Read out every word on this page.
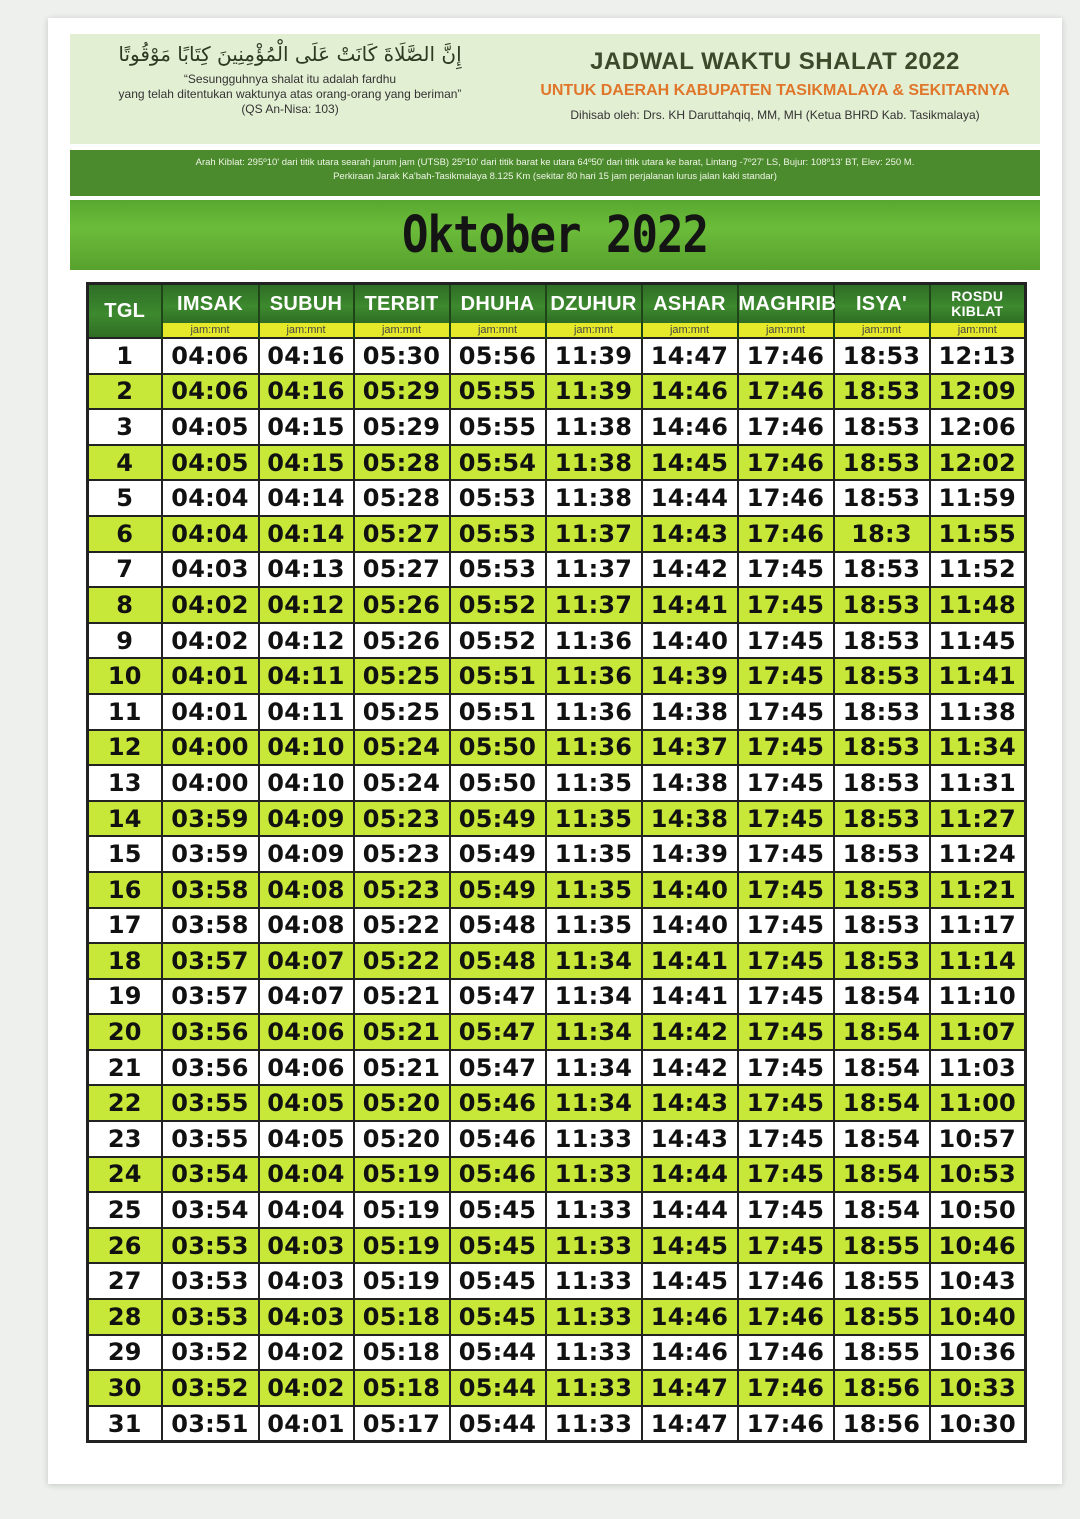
إِنَّ الصَّلَاةَ كَانَتْ عَلَى الْمُؤْمِنِينَ كِتَابًا مَوْقُوتًا
“Sesungguhnya shalat itu adalah fardhu
yang telah ditentukan waktunya atas orang-orang yang beriman”
(QS An-Nisa: 103)
JADWAL WAKTU SHALAT 2022
UNTUK DAERAH KABUPATEN TASIKMALAYA & SEKITARNYA
Dihisab oleh: Drs. KH Daruttahqiq, MM, MH (Ketua BHRD Kab. Tasikmalaya)
Arah Kiblat: 295º10' dari titik utara searah jarum jam (UTSB) 25º10' dari titik barat ke utara 64º50' dari titik utara ke barat, Lintang -7º27' LS, Bujur: 108º13' BT, Elev: 250 M.
Perkiraan Jarak Ka'bah-Tasikmalaya 8.125 Km (sekitar 80 hari 15 jam perjalanan lurus jalan kaki standar)
Oktober 2022
TGL	IMSAK	SUBUH	TERBIT	DHUHA	DZUHUR	ASHAR	MAGHRIB	ISYA'	ROSDU KIBLAT
	jam:mnt	jam:mnt	jam:mnt	jam:mnt	jam:mnt	jam:mnt	jam:mnt	jam:mnt	jam:mnt
1	04:06	04:16	05:30	05:56	11:39	14:47	17:46	18:53	12:13
2	04:06	04:16	05:29	05:55	11:39	14:46	17:46	18:53	12:09
3	04:05	04:15	05:29	05:55	11:38	14:46	17:46	18:53	12:06
4	04:05	04:15	05:28	05:54	11:38	14:45	17:46	18:53	12:02
5	04:04	04:14	05:28	05:53	11:38	14:44	17:46	18:53	11:59
6	04:04	04:14	05:27	05:53	11:37	14:43	17:46	18:3	11:55
7	04:03	04:13	05:27	05:53	11:37	14:42	17:45	18:53	11:52
8	04:02	04:12	05:26	05:52	11:37	14:41	17:45	18:53	11:48
9	04:02	04:12	05:26	05:52	11:36	14:40	17:45	18:53	11:45
10	04:01	04:11	05:25	05:51	11:36	14:39	17:45	18:53	11:41
11	04:01	04:11	05:25	05:51	11:36	14:38	17:45	18:53	11:38
12	04:00	04:10	05:24	05:50	11:36	14:37	17:45	18:53	11:34
13	04:00	04:10	05:24	05:50	11:35	14:38	17:45	18:53	11:31
14	03:59	04:09	05:23	05:49	11:35	14:38	17:45	18:53	11:27
15	03:59	04:09	05:23	05:49	11:35	14:39	17:45	18:53	11:24
16	03:58	04:08	05:23	05:49	11:35	14:40	17:45	18:53	11:21
17	03:58	04:08	05:22	05:48	11:35	14:40	17:45	18:53	11:17
18	03:57	04:07	05:22	05:48	11:34	14:41	17:45	18:53	11:14
19	03:57	04:07	05:21	05:47	11:34	14:41	17:45	18:54	11:10
20	03:56	04:06	05:21	05:47	11:34	14:42	17:45	18:54	11:07
21	03:56	04:06	05:21	05:47	11:34	14:42	17:45	18:54	11:03
22	03:55	04:05	05:20	05:46	11:34	14:43	17:45	18:54	11:00
23	03:55	04:05	05:20	05:46	11:33	14:43	17:45	18:54	10:57
24	03:54	04:04	05:19	05:46	11:33	14:44	17:45	18:54	10:53
25	03:54	04:04	05:19	05:45	11:33	14:44	17:45	18:54	10:50
26	03:53	04:03	05:19	05:45	11:33	14:45	17:45	18:55	10:46
27	03:53	04:03	05:19	05:45	11:33	14:45	17:46	18:55	10:43
28	03:53	04:03	05:18	05:45	11:33	14:46	17:46	18:55	10:40
29	03:52	04:02	05:18	05:44	11:33	14:46	17:46	18:55	10:36
30	03:52	04:02	05:18	05:44	11:33	14:47	17:46	18:56	10:33
31	03:51	04:01	05:17	05:44	11:33	14:47	17:46	18:56	10:30
